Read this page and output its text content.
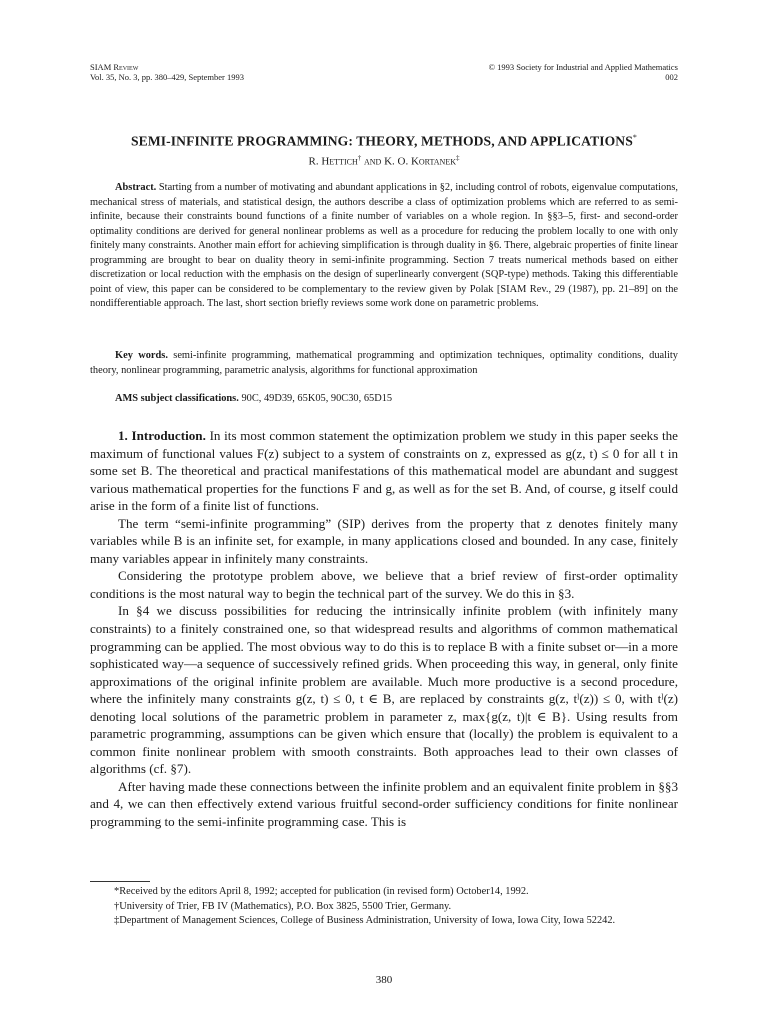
SIAM Review
Vol. 35, No. 3, pp. 380–429, September 1993
© 1993 Society for Industrial and Applied Mathematics
002
SEMI-INFINITE PROGRAMMING: THEORY, METHODS, AND APPLICATIONS*
R. Hettich† and K. O. Kortanek‡
Abstract. Starting from a number of motivating and abundant applications in §2, including control of robots, eigenvalue computations, mechanical stress of materials, and statistical design, the authors describe a class of optimization problems which are referred to as semi-infinite, because their constraints bound functions of a finite number of variables on a whole region. In §§3–5, first- and second-order optimality conditions are derived for general nonlinear problems as well as a procedure for reducing the problem locally to one with only finitely many constraints. Another main effort for achieving simplification is through duality in §6. There, algebraic properties of finite linear programming are brought to bear on duality theory in semi-infinite programming. Section 7 treats numerical methods based on either discretization or local reduction with the emphasis on the design of superlinearly convergent (SQP-type) methods. Taking this differentiable point of view, this paper can be considered to be complementary to the review given by Polak [SIAM Rev., 29 (1987), pp. 21–89] on the nondifferentiable approach. The last, short section briefly reviews some work done on parametric problems.
Key words. semi-infinite programming, mathematical programming and optimization techniques, optimality conditions, duality theory, nonlinear programming, parametric analysis, algorithms for functional approximation
AMS subject classifications. 90C, 49D39, 65K05, 90C30, 65D15

1. Introduction. In its most common statement the optimization problem we study in this paper seeks the maximum of functional values F(z) subject to a system of constraints on z, expressed as g(z, t) ≤ 0 for all t in some set B. The theoretical and practical manifestations of this mathematical model are abundant and suggest various mathematical properties for the functions F and g, as well as for the set B. And, of course, g itself could arise in the form of a finite list of functions.

The term “semi-infinite programming” (SIP) derives from the property that z denotes finitely many variables while B is an infinite set, for example, in many applications closed and bounded. In any case, finitely many variables appear in infinitely many constraints.

Considering the prototype problem above, we believe that a brief review of first-order optimality conditions is the most natural way to begin the technical part of the survey. We do this in §3.

In §4 we discuss possibilities for reducing the intrinsically infinite problem (with infinitely many constraints) to a finitely constrained one, so that widespread results and algorithms of common mathematical programming can be applied. The most obvious way to do this is to replace B with a finite subset or—in a more sophisticated way—a sequence of successively refined grids. When proceeding this way, in general, only finite approximations of the original infinite problem are available. Much more productive is a second procedure, where the infinitely many constraints g(z, t) ≤ 0, t ∈ B, are replaced by constraints g(z, tˡ(z)) ≤ 0, with tˡ(z) denoting local solutions of the parametric problem in parameter z, max{g(z, t)|t ∈ B}. Using results from parametric programming, assumptions can be given which ensure that (locally) the problem is equivalent to a common finite nonlinear problem with smooth constraints. Both approaches lead to their own classes of algorithms (cf. §7).

After having made these connections between the infinite problem and an equivalent finite problem in §§3 and 4, we can then effectively extend various fruitful second-order sufficiency conditions for finite nonlinear programming to the semi-infinite programming case. This is

*Received by the editors April 8, 1992; accepted for publication (in revised form) October14, 1992.
†University of Trier, FB IV (Mathematics), P.O. Box 3825, 5500 Trier, Germany.
‡Department of Management Sciences, College of Business Administration, University of Iowa, Iowa City, Iowa 52242.
380
